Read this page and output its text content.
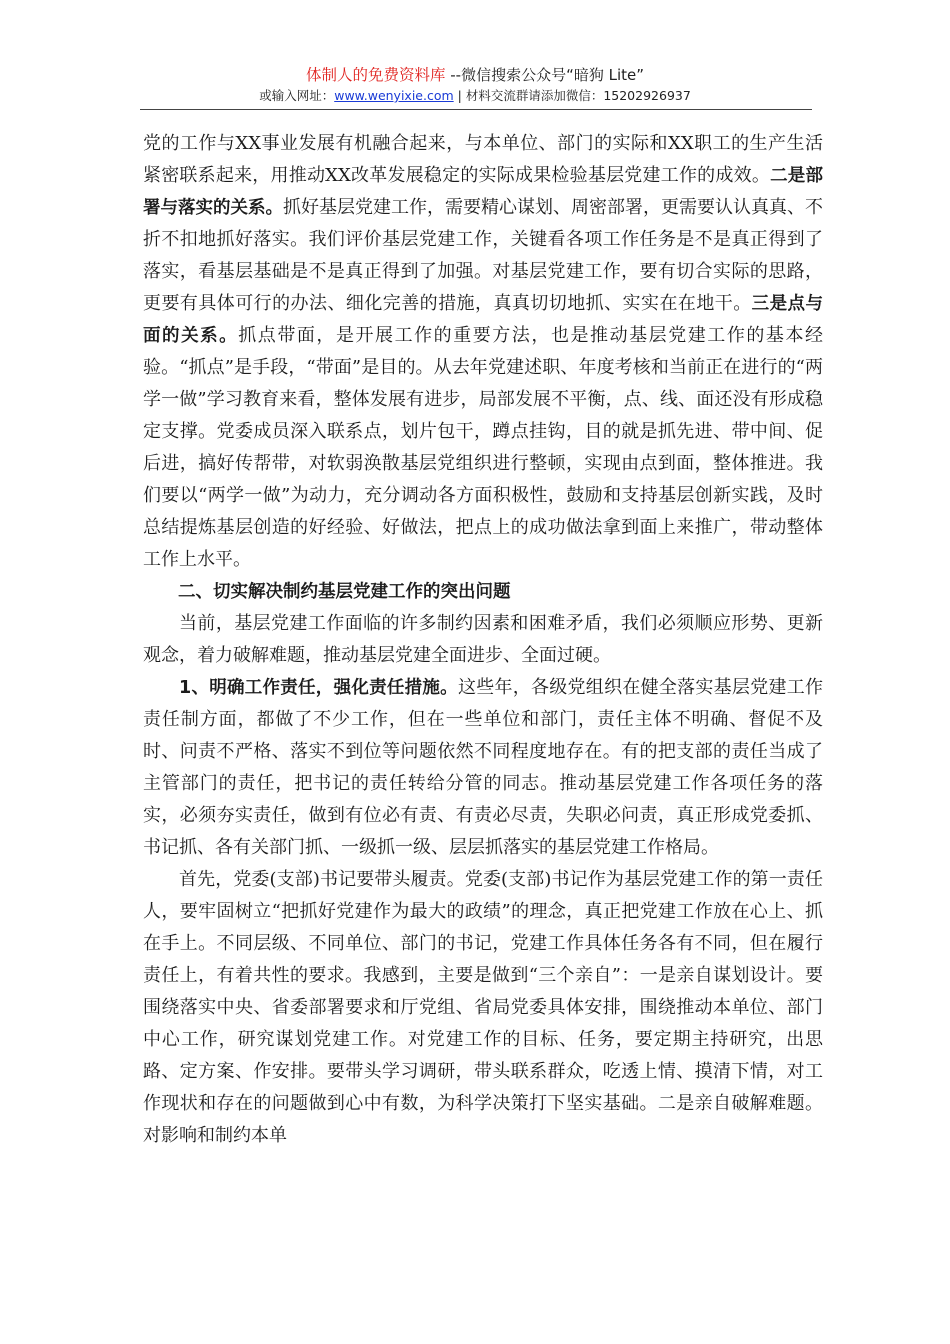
体制人的免费资料库 --微信搜索公众号“暗狗 Lite”
或输入网址：www.wenyixie.com | 材料交流群请添加微信：15202926937

党的工作与XX事业发展有机融合起来，与本单位、部门的实际和XX职工的生产生活紧密联系起来，用推动XX改革发展稳定的实际成果检验基层党建工作的成效。二是部署与落实的关系。抓好基层党建工作，需要精心谋划、周密部署，更需要认认真真、不折不扣地抓好落实。我们评价基层党建工作，关键看各项工作任务是不是真正得到了落实，看基层基础是不是真正得到了加强。对基层党建工作，要有切合实际的思路，更要有具体可行的办法、细化完善的措施，真真切切地抓、实实在在地干。三是点与面的关系。抓点带面，是开展工作的重要方法，也是推动基层党建工作的基本经验。“抓点”是手段，“带面”是目的。从去年党建述职、年度考核和当前正在进行的“两学一做”学习教育来看，整体发展有进步，局部发展不平衡，点、线、面还没有形成稳定支撑。党委成员深入联系点，划片包干，蹲点挂钩，目的就是抓先进、带中间、促后进，搞好传帮带，对软弱涣散基层党组织进行整顿，实现由点到面，整体推进。我们要以“两学一做”为动力，充分调动各方面积极性，鼓励和支持基层创新实践，及时总结提炼基层创造的好经验、好做法，把点上的成功做法拿到面上来推广，带动整体工作上水平。

二、切实解决制约基层党建工作的突出问题

当前，基层党建工作面临的许多制约因素和困难矛盾，我们必须顺应形势、更新观念，着力破解难题，推动基层党建全面进步、全面过硬。

1、明确工作责任，强化责任措施。这些年，各级党组织在健全落实基层党建工作责任制方面，都做了不少工作，但在一些单位和部门，责任主体不明确、督促不及时、问责不严格、落实不到位等问题依然不同程度地存在。有的把支部的责任当成了主管部门的责任，把书记的责任转给分管的同志。推动基层党建工作各项任务的落实，必须夯实责任，做到有位必有责、有责必尽责，失职必问责，真正形成党委抓、书记抓、各有关部门抓、一级抓一级、层层抓落实的基层党建工作格局。

首先，党委(支部)书记要带头履责。党委(支部)书记作为基层党建工作的第一责任人，要牢固树立“把抓好党建作为最大的政绩”的理念，真正把党建工作放在心上、抓在手上。不同层级、不同单位、部门的书记，党建工作具体任务各有不同，但在履行责任上，有着共性的要求。我感到，主要是做到“三个亲自”：一是亲自谋划设计。要围绕落实中央、省委部署要求和厅党组、省局党委具体安排，围绕推动本单位、部门中心工作，研究谋划党建工作。对党建工作的目标、任务，要定期主持研究，出思路、定方案、作安排。要带头学习调研，带头联系群众，吃透上情、摸清下情，对工作现状和存在的问题做到心中有数，为科学决策打下坚实基础。二是亲自破解难题。对影响和制约本单
